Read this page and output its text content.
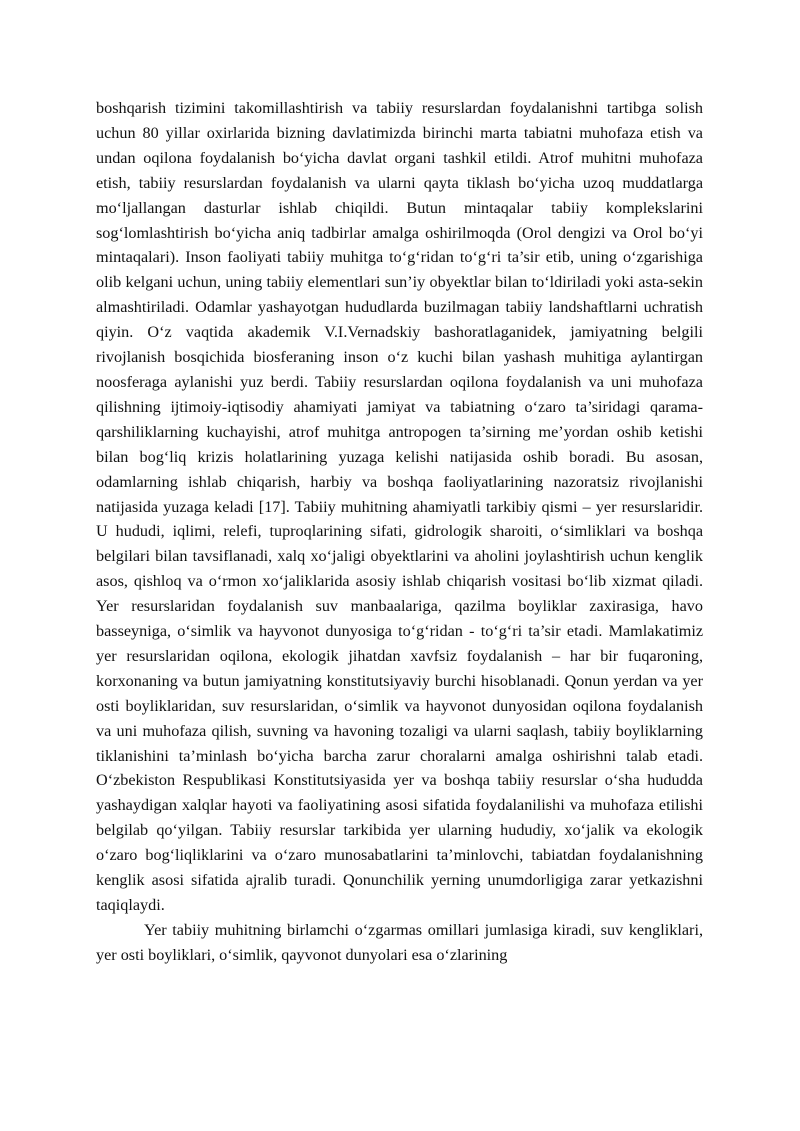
boshqarish tizimini takomillashtirish va tabiiy resurslardan foydalanishni tartibga solish uchun 80 yillar oxirlarida bizning davlatimizda birinchi marta tabiatni muhofaza etish va undan oqilona foydalanish bo‘yicha davlat organi tashkil etildi. Atrof muhitni muhofaza etish, tabiiy resurslardan foydalanish va ularni qayta tiklash bo‘yicha uzoq muddatlarga mo‘ljallangan dasturlar ishlab chiqildi. Butun mintaqalar tabiiy komplekslarini sog‘lomlashtirish bo‘yicha aniq tadbirlar amalga oshirilmoqda (Orol dengizi va Orol bo‘yi mintaqalari). Inson faoliyati tabiiy muhitga to‘g‘ridan to‘g‘ri ta’sir etib, uning o‘zgarishiga olib kelgani uchun, uning tabiiy elementlari sun’iy obyektlar bilan to‘ldiriladi yoki asta-sekin almashtiriladi. Odamlar yashayotgan hududlarda buzilmagan tabiiy landshaftlarni uchratish qiyin. O‘z vaqtida akademik V.I.Vernadskiy bashoratlaganidek, jamiyatning belgili rivojlanish bosqichida biosferaning inson o‘z kuchi bilan yashash muhitiga aylantirgan noosferaga aylanishi yuz berdi. Tabiiy resurslardan oqilona foydalanish va uni muhofaza qilishning ijtimoiy-iqtisodiy ahamiyati jamiyat va tabiatning o‘zaro ta’siridagi qarama-qarshiliklarning kuchayishi, atrof muhitga antropogen ta’sirning me’yordan oshib ketishi bilan bog‘liq krizis holatlarining yuzaga kelishi natijasida oshib boradi. Bu asosan, odamlarning ishlab chiqarish, harbiy va boshqa faoliyatlarining nazoratsiz rivojlanishi natijasida yuzaga keladi [17]. Tabiiy muhitning ahamiyatli tarkibiy qismi – yer resurslaridir. U hududi, iqlimi, relefi, tuproqlarining sifati, gidrologik sharoiti, o‘simliklari va boshqa belgilari bilan tavsiflanadi, xalq xo‘jaligi obyektlarini va aholini joylashtirish uchun kenglik asos, qishloq va o‘rmon xo‘jaliklarida asosiy ishlab chiqarish vositasi bo‘lib xizmat qiladi. Yer resurslaridan foydalanish suv manbaalariga, qazilma boyliklar zaxirasiga, havo basseyniga, o‘simlik va hayvonot dunyosiga to‘g‘ridan - to‘g‘ri ta’sir etadi. Mamlakatimiz yer resurslaridan oqilona, ekologik jihatdan xavfsiz foydalanish – har bir fuqaroning, korxonaning va butun jamiyatning konstitutsiyaviy burchi hisoblanadi. Qonun yerdan va yer osti boyliklaridan, suv resurslaridan, o‘simlik va hayvonot dunyosidan oqilona foydalanish va uni muhofaza qilish, suvning va havoning tozaligi va ularni saqlash, tabiiy boyliklarning tiklanishini ta’minlash bo‘yicha barcha zarur choralarni amalga oshirishni talab etadi. O‘zbekiston Respublikasi Konstitutsiyasida yer va boshqa tabiiy resurslar o‘sha hududda yashaydigan xalqlar hayoti va faoliyatining asosi sifatida foydalanilishi va muhofaza etilishi belgilab qo‘yilgan. Tabiiy resurslar tarkibida yer ularning hududiy, xo‘jalik va ekologik o‘zaro bog‘liqliklarini va o‘zaro munosabatlarini ta’minlovchi, tabiatdan foydalanishning kenglik asosi sifatida ajralib turadi. Qonunchilik yerning unumdorligiga zarar yetkazishni taqiqlaydi.

Yer tabiiy muhitning birlamchi o‘zgarmas omillari jumlasiga kiradi, suv kengliklari, yer osti boyliklari, o‘simlik, qayvonot dunyolari esa o‘zlarining
